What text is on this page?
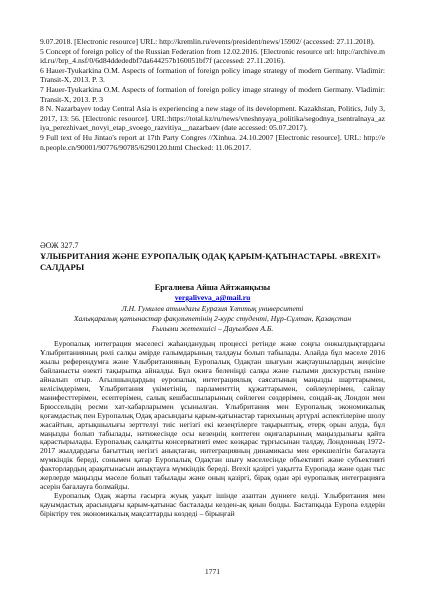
9.07.2018. [Electronic resource] URL: http://kremlin.ru/events/president/news/15902/ (accessed: 27.11.2018).

5 Concept of foreign policy of the Russian Federation from 12.02.2016. [Electronic resource url: http://archive.mid.ru//brp_4.nsf/0/6d84ddededbf7da644257b160051bf7f (accessed: 27.11.2016).

6 Hauer-Tyukarkina O.M. Aspects of formation of foreign policy image strategy of modern Germany. Vladimir: Transit-X, 2013. P. 3.

7 Hauer-Tyukarkina O.M. Aspects of formation of foreign policy image strategy of modern Germany. Vladimir: Transit-X, 2013. P. 3

8 N. Nazarbayev today Central Asia is experiencing a new stage of its development. Kazakhstan, Politics, July 3, 2017, 13: 56. [Electronic resource]. URL:https://total.kz/ru/news/vneshnyaya_politika/segodnya_tsentralnaya_aziya_perezhivaet_novyi_etap_svoego_razvitiya__nazarbaev (date accessed: 05.07.2017).

9 Full text of Hu Jintao's report at 17th Party Congres //Xinhua. 24.10.2007 [Electronic resource]. URL: http://en.people.cn/90001/90776/90785/6290120.html Checked: 11.06.2017.

ӘОЖ 327.7
ҰЛЫБРИТАНИЯ ЖӘНЕ ЕУРОПАЛЫҚ ОДАҚ ҚАРЫМ-ҚАТЫНАСТАРЫ. «BREXIT» САЛДАРЫ
Ергалиева Айша Айтжанқызы
vergalivevа_a@mail.ru
Л.Н. Гумилев атындағы Еуразия Ұлттық университеті
Халықаралық қатынастар факультетінің 2-курс студенті, Нұр-Сұлтан, Қазақстан
Ғылыми жетекшісі – Дауылбаев А.Б.

Еуропалық интеграция мәселесі жаһанданудың процессі ретінде және соңғы онжылдықтардағы Ұлыбританияның рөлі салқы әмірде ғалымдарының талдауы болып табылады. Алайда бұл мәселе 2016 жылы референдумға және Ұлыбританияның Еуропалық Одақтан шығуын жақтаушылардың жеңісіне байланысты өзекті тақырыпқа айналды. Бұл окиға беленіңді салқы және ғылыми дискурстың пәніне айналып отыр. Ағылшындардың еуропалық интеграциялық саясатының маңызды шарттарымен, келісімдерімен, Ұлыбритания үкіметінің, парламенттің құжаттарымен, сөйлеулерімен, сайлау манифесттерімен, есептерімен, салық кешбасшыларының сөйлеген сөздерімен, сондай-ақ Лондон мен Брюссельдің ресми хат-хабарларымен ұсынылған. Ұлыбритания мен Еуропалық экономикалық қоғамдастық пен Еуропалық Одақ арасындағы қарым-қатынастар тарихының әртүрлі аспектілеріне шолу жасайтын, артықшылығы зерттелуі тиіс негізгі екі кезеңтілерге тақырыптық, етерқ орын алуда, бұл маңызды болып табылады, нәтижесінде осы кезеңнің көптеген оқиғаларының маңыздылығы қайта қарастырылады. Еуропалық салқатты консервативті емес көзқарас тұрғысынан талдау, Лондонның 1972-2017 жылдардағы бағыттың негізгі анықтаған, интеграцияның динамикасы мен ерекшелігін бағалауға мүмкіндік береді, сонымен қатар Еуропалық Одақтан шығу мәселесінде объективті және субъективті факторлардың арақатынасын анықтауға мүмкіндік береді. Brexit қазіргі уақытта Еуропада және одан тыс жерлерде маңызды мәселе болып табылады және оның қазіргі, бірақ одан әрі еуропалық интеграцияға әсерін бағалауға болмайды.

Еуропалық Одақ жарты ғасырға жуық уақыт ішінде азаптан дүниеге келді. Ұлыбритания мен қауымдастық арасындағы қарым-қатынас басталады кезден-ақ қиын болды. Бастапқыда Еуропа елдерін біріктіру тек экономикалық мақсаттарды көздеді – бірыңғай

1771
